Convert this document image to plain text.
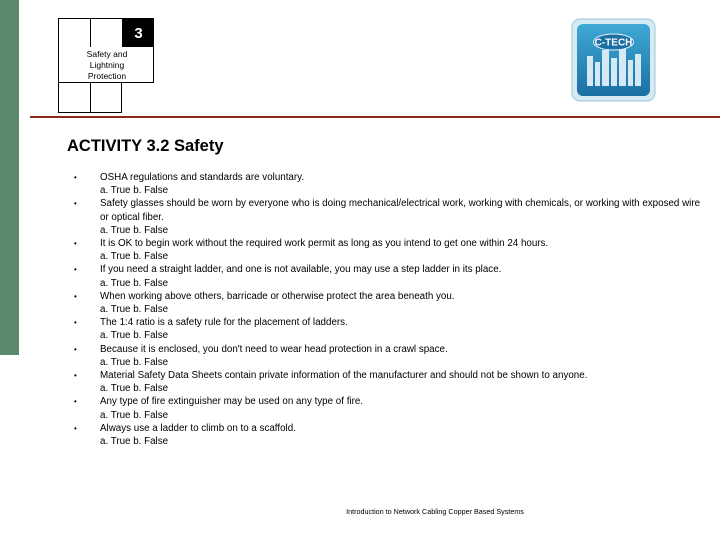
3
Safety and
Lightning
Protection
C-TECH
ACTIVITY 3.2 Safety
• OSHA regulations and standards are voluntary.
a. True b. False
• Safety glasses should be worn by everyone who is doing mechanical/electrical work, working with chemicals, or working with exposed wire or optical fiber.
a. True b. False
• It is OK to begin work without the required work permit as long as you intend to get one within 24 hours.
a. True b. False
• If you need a straight ladder, and one is not available, you may use a step ladder in its place.
a. True b. False
• When working above others, barricade or otherwise protect the area beneath you.
a. True b. False
• The 1:4 ratio is a safety rule for the placement of ladders.
a. True b. False
• Because it is enclosed, you don't need to wear head protection in a crawl space.
a. True b. False
• Material Safety Data Sheets contain private information of the manufacturer and should not be shown to anyone.
a. True b. False
• Any type of fire extinguisher may be used on any type of fire.
a. True b. False
• Always use a ladder to climb on to a scaffold.
a. True b. False
Introduction to Network Cabling Copper Based Systems
